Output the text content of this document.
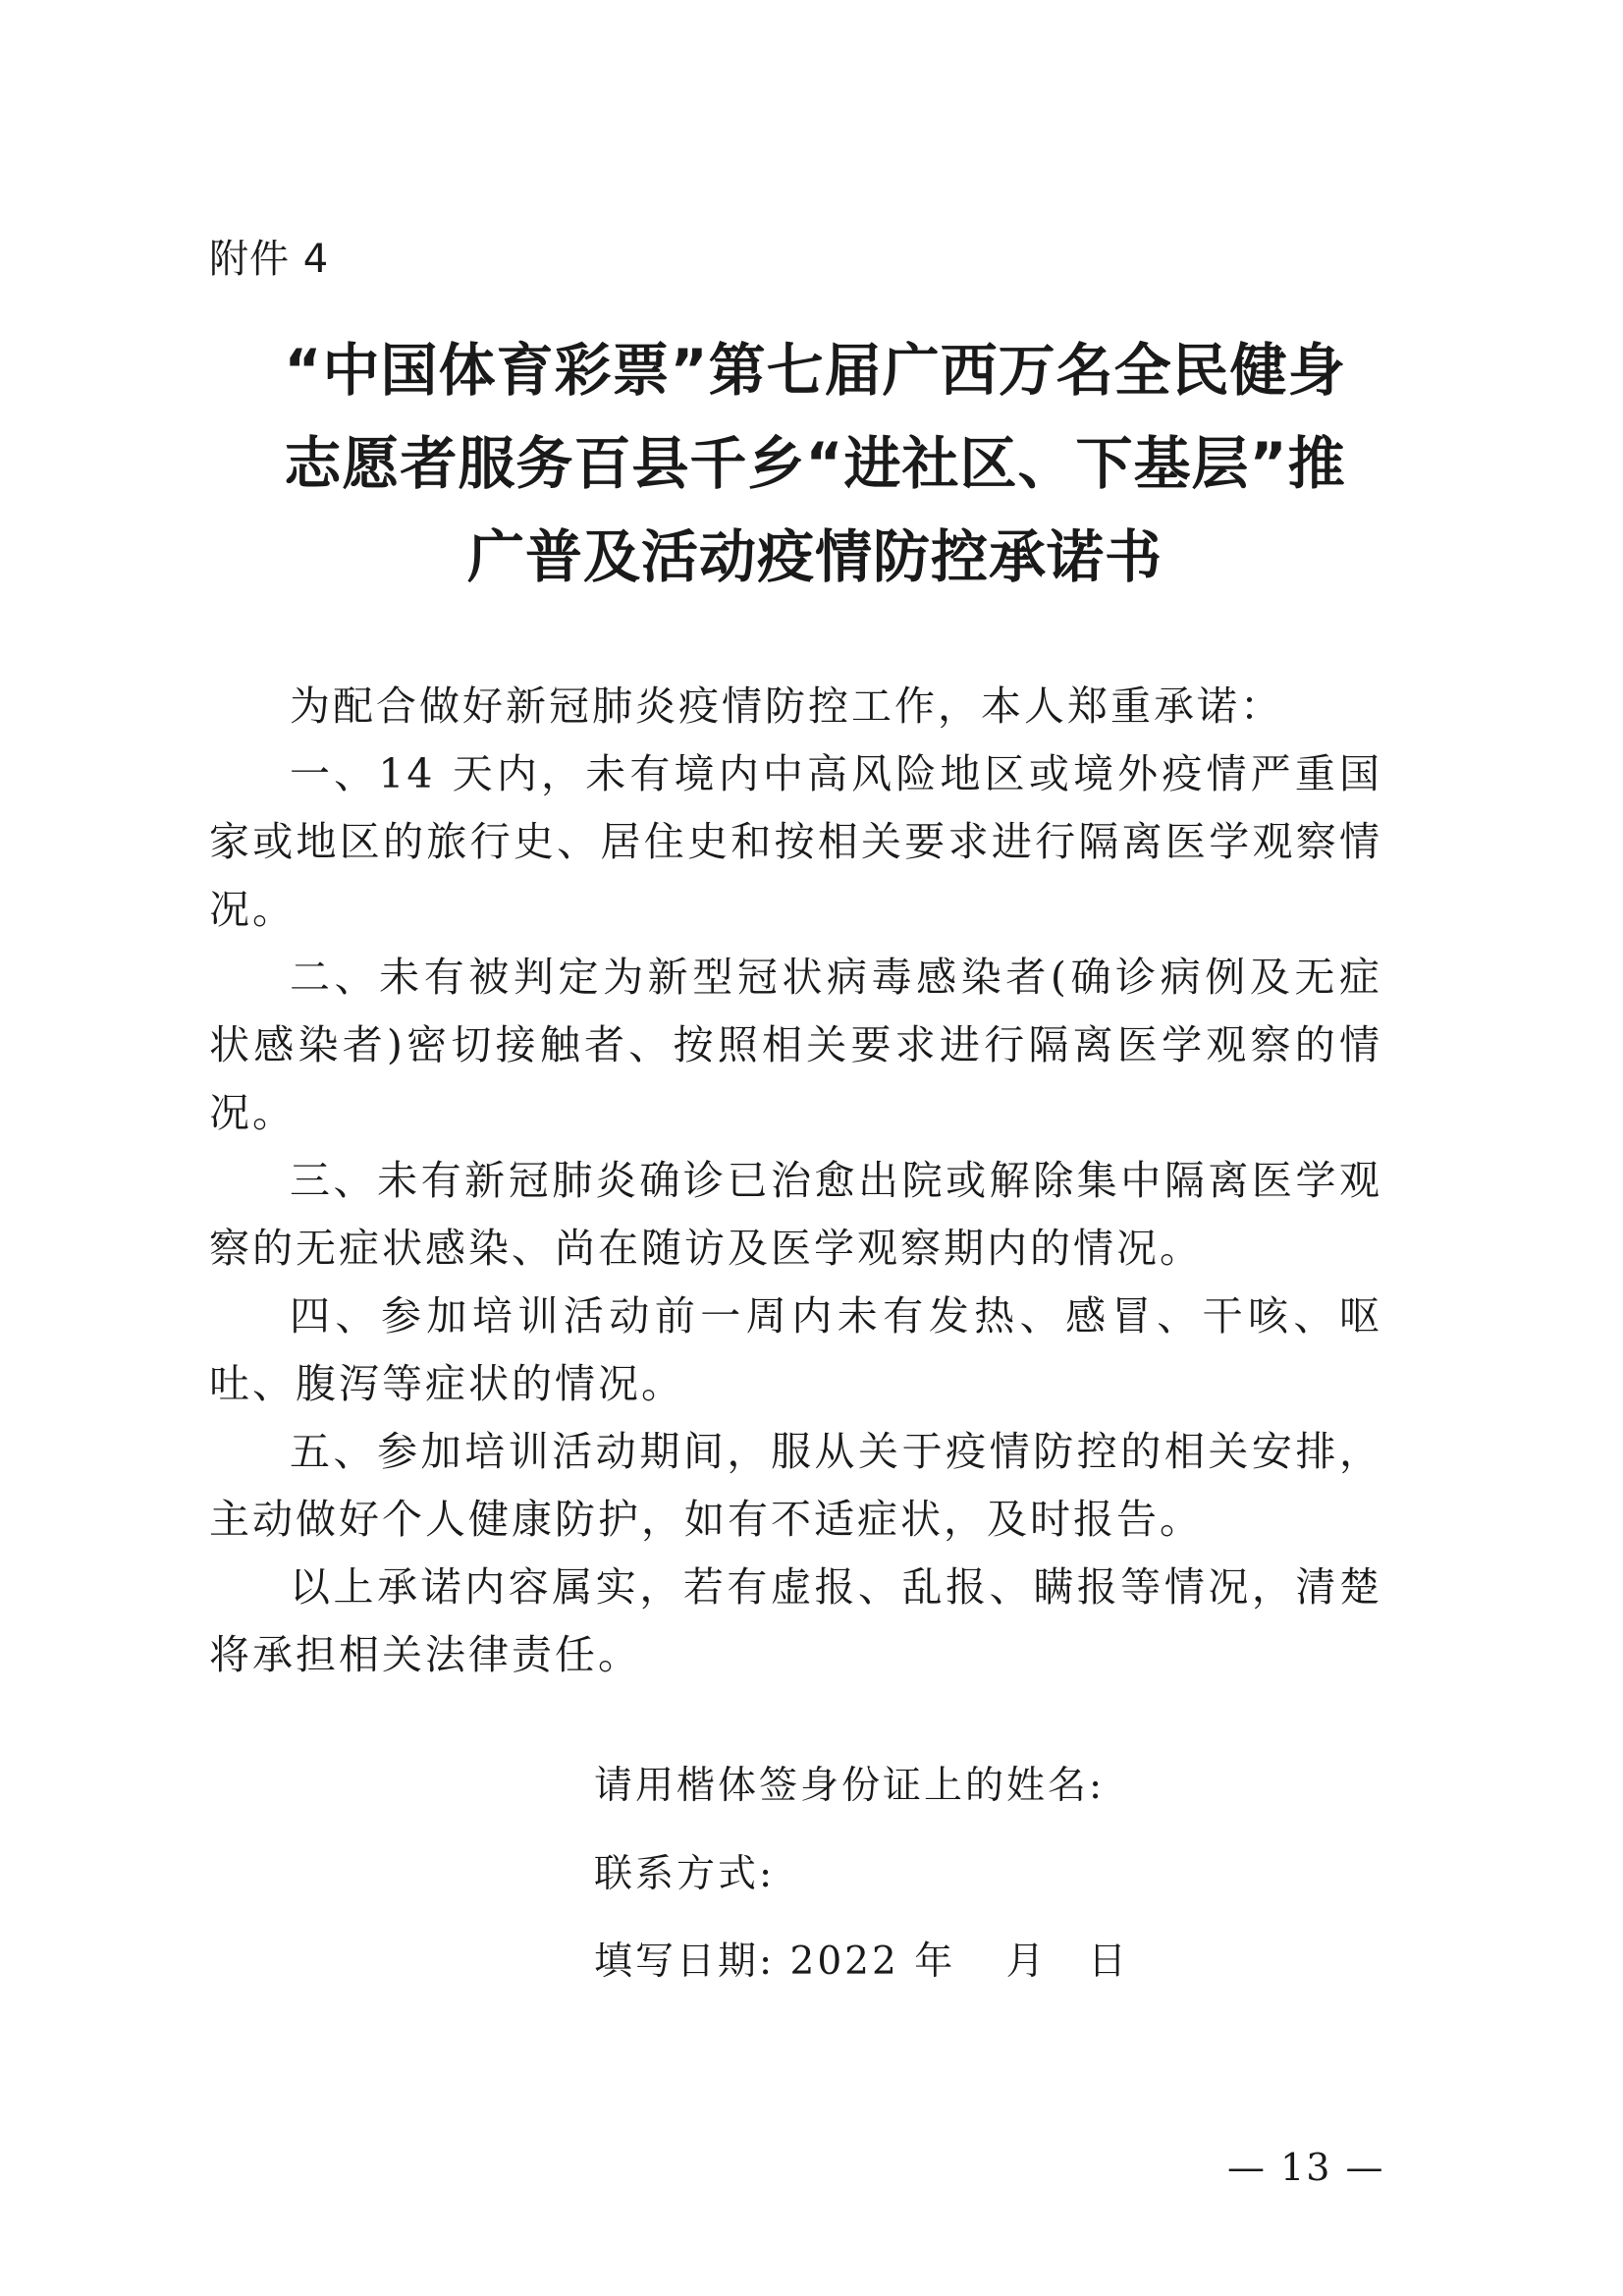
附件 4
“中国体育彩票”第七届广西万名全民健身
志愿者服务百县千乡“进社区、下基层”推
广普及活动疫情防控承诺书

为配合做好新冠肺炎疫情防控工作，本人郑重承诺：

一、14 天内，未有境内中高风险地区或境外疫情严重国家或地区的旅行史、居住史和按相关要求进行隔离医学观察情况。

二、未有被判定为新型冠状病毒感染者(确诊病例及无症状感染者)密切接触者、按照相关要求进行隔离医学观察的情况。

三、未有新冠肺炎确诊已治愈出院或解除集中隔离医学观察的无症状感染、尚在随访及医学观察期内的情况。

四、参加培训活动前一周内未有发热、感冒、干咳、呕吐、腹泻等症状的情况。

五、参加培训活动期间，服从关于疫情防控的相关安排，主动做好个人健康防护，如有不适症状，及时报告。

以上承诺内容属实，若有虚报、乱报、瞒报等情况，清楚将承担相关法律责任。

请用楷体签身份证上的姓名:
联系方式:
填写日期: 2022 年 月 日
— 13 —
